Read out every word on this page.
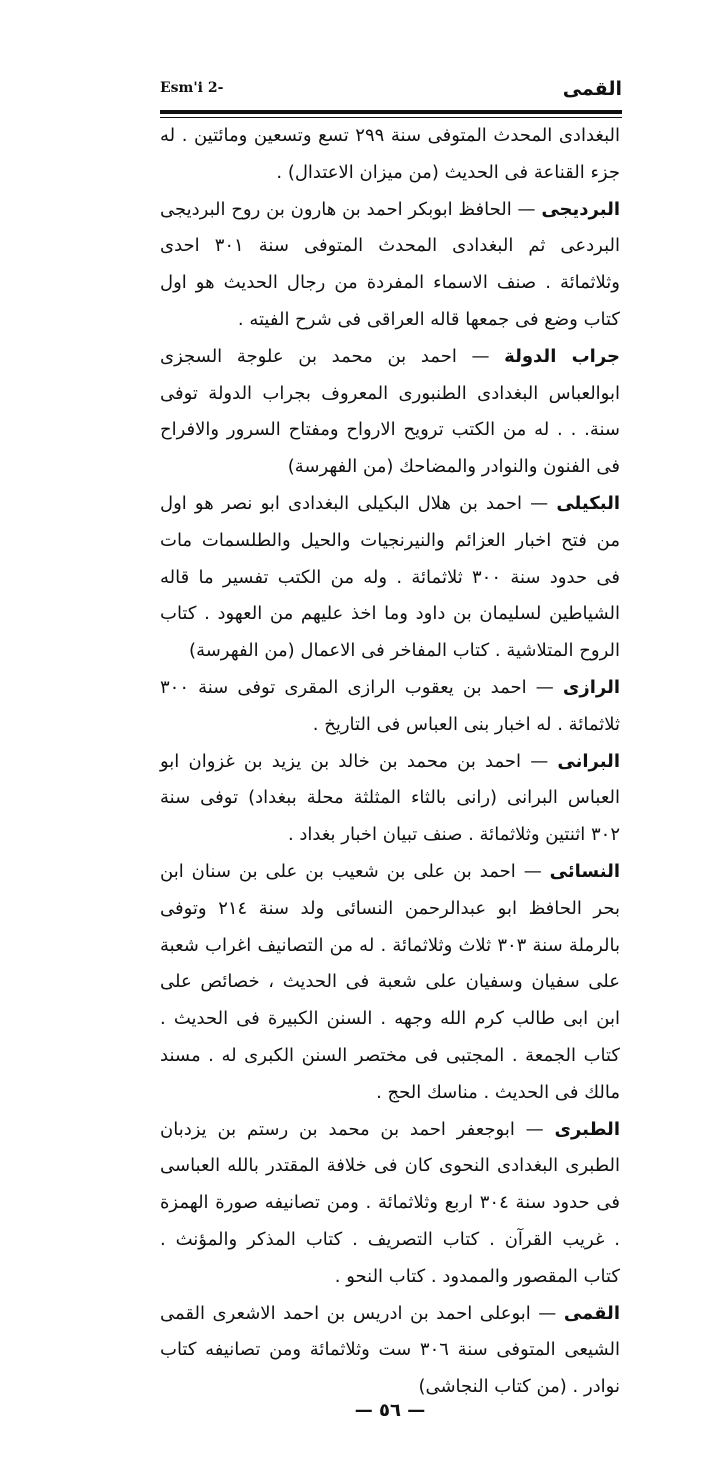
القمى
Esm'i 2-

البغدادى المحدث المتوفى سنة ٢٩٩ تسع وتسعين ومائتين . له جزء القناعة فى الحديث (من ميزان الاعتدال) .

البرديجى — الحافظ ابوبكر احمد بن هارون بن روح البرديجى البردعى ثم البغدادى المحدث المتوفى سنة ٣٠١ احدى وثلاثمائة . صنف الاسماء المفردة من رجال الحديث هو اول كتاب وضع فى جمعها قاله العراقى فى شرح الفيته .

جراب الدولة — احمد بن محمد بن علوجة السجزى ابوالعباس البغدادى الطنبورى المعروف بجراب الدولة توفى سنة. . . له من الكتب ترويح الارواح ومفتاح السرور والافراح فى الفنون والنوادر والمضاحك (من الفهرسة)

البكيلى — احمد بن هلال البكيلى البغدادى ابو نصر هو اول من فتح اخبار العزائم والنيرنجيات والحيل والطلسمات مات فى حدود سنة ٣٠٠ ثلاثمائة . وله من الكتب تفسير ما قاله الشياطين لسليمان بن داود وما اخذ عليهم من العهود . كتاب الروح المتلاشية . كتاب المفاخر فى الاعمال (من الفهرسة)

الرازى — احمد بن يعقوب الرازى المقرى توفى سنة ٣٠٠ ثلاثمائة . له اخبار بنى العباس فى التاريخ .

البرانى — احمد بن محمد بن خالد بن يزيد بن غزوان ابو العباس البرانى (رانى بالثاء المثلثة محلة ببغداد) توفى سنة ٣٠٢ اثنتين وثلاثمائة . صنف تبيان اخبار بغداد .

النسائى — احمد بن على بن شعيب بن على بن سنان ابن بحر الحافظ ابو عبدالرحمن النسائى ولد سنة ٢١٤ وتوفى بالرملة سنة ٣٠٣ ثلاث وثلاثمائة . له من التصانيف اغراب شعبة على سفيان وسفيان على شعبة فى الحديث ، خصائص على ابن ابى طالب كرم الله وجهه . السنن الكبيرة فى الحديث . كتاب الجمعة . المجتبى فى مختصر السنن الكبرى له . مسند مالك فى الحديث . مناسك الحج .

الطبرى — ابوجعفر احمد بن محمد بن رستم بن يزدبان الطبرى البغدادى النحوى كان فى خلافة المقتدر بالله العباسى فى حدود سنة ٣٠٤ اربع وثلاثمائة . ومن تصانيفه صورة الهمزة . غريب القرآن . كتاب التصريف . كتاب المذكر والمؤنث . كتاب المقصور والممدود . كتاب النحو .

القمى — ابوعلى احمد بن ادريس بن احمد الاشعرى القمى الشيعى المتوفى سنة ٣٠٦ ست وثلاثمائة ومن تصانيفه كتاب نوادر . (من كتاب النجاشى)

— ٥٦ —
